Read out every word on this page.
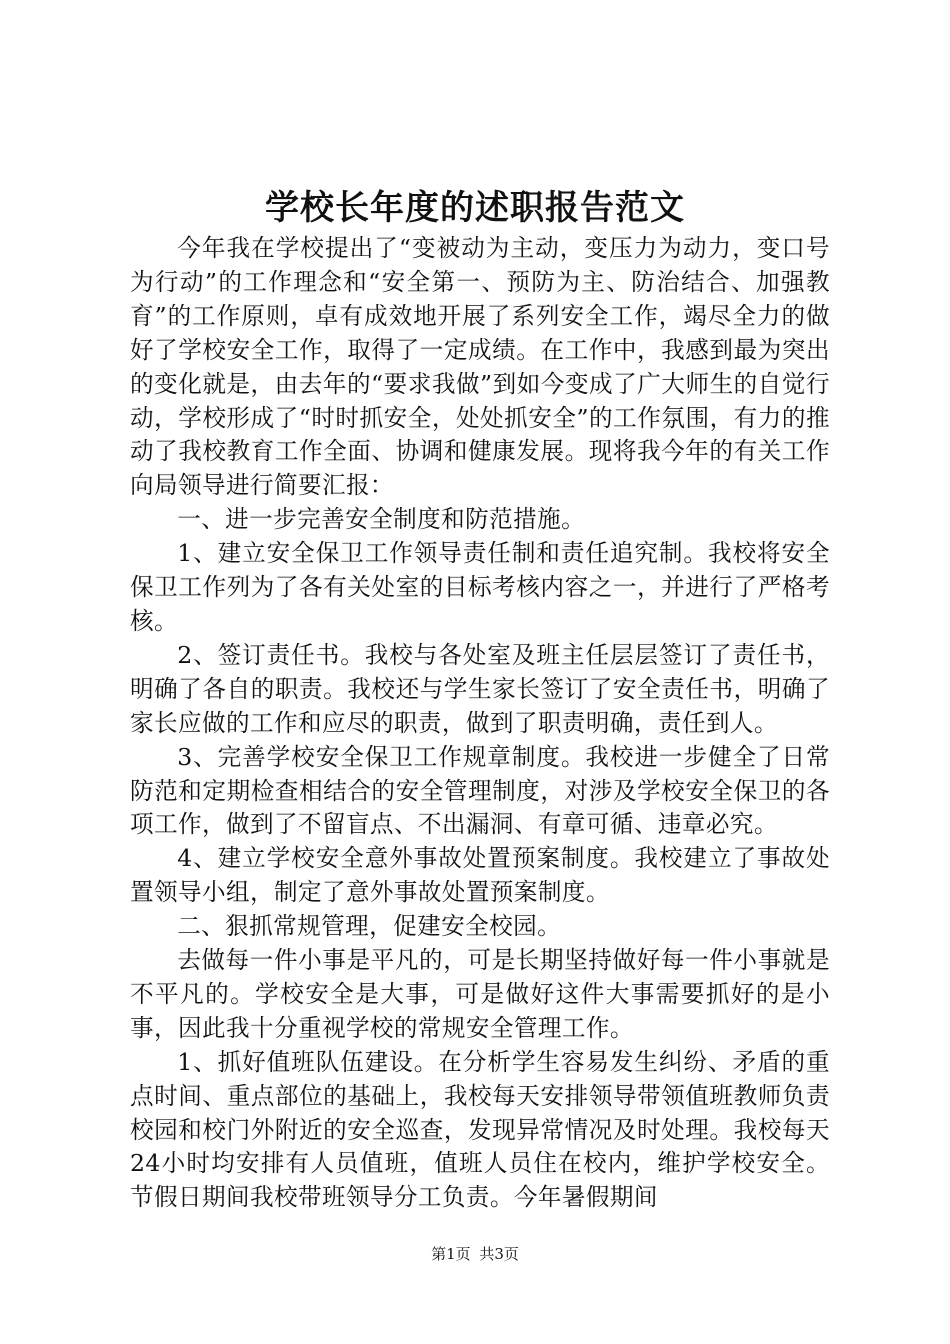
学校长年度的述职报告范文

今年我在学校提出了“变被动为主动，变压力为动力，变口号为行动”的工作理念和“安全第一、预防为主、防治结合、加强教育”的工作原则，卓有成效地开展了系列安全工作，竭尽全力的做好了学校安全工作，取得了一定成绩。在工作中，我感到最为突出的变化就是，由去年的“要求我做”到如今变成了广大师生的自觉行动，学校形成了“时时抓安全，处处抓安全”的工作氛围，有力的推动了我校教育工作全面、协调和健康发展。现将我今年的有关工作向局领导进行简要汇报：

一、进一步完善安全制度和防范措施。

1、建立安全保卫工作领导责任制和责任追究制。我校将安全保卫工作列为了各有关处室的目标考核内容之一，并进行了严格考核。

2、签订责任书。我校与各处室及班主任层层签订了责任书，明确了各自的职责。我校还与学生家长签订了安全责任书，明确了家长应做的工作和应尽的职责，做到了职责明确，责任到人。

3、完善学校安全保卫工作规章制度。我校进一步健全了日常防范和定期检查相结合的安全管理制度，对涉及学校安全保卫的各项工作，做到了不留盲点、不出漏洞、有章可循、违章必究。

4、建立学校安全意外事故处置预案制度。我校建立了事故处置领导小组，制定了意外事故处置预案制度。

二、狠抓常规管理，促建安全校园。

去做每一件小事是平凡的，可是长期坚持做好每一件小事就是不平凡的。学校安全是大事，可是做好这件大事需要抓好的是小事，因此我十分重视学校的常规安全管理工作。

1、抓好值班队伍建设。在分析学生容易发生纠纷、矛盾的重点时间、重点部位的基础上，我校每天安排领导带领值班教师负责校园和校门外附近的安全巡查，发现异常情况及时处理。我校每天24小时均安排有人员值班，值班人员住在校内，维护学校安全。节假日期间我校带班领导分工负责。今年暑假期间

第1页 共3页
